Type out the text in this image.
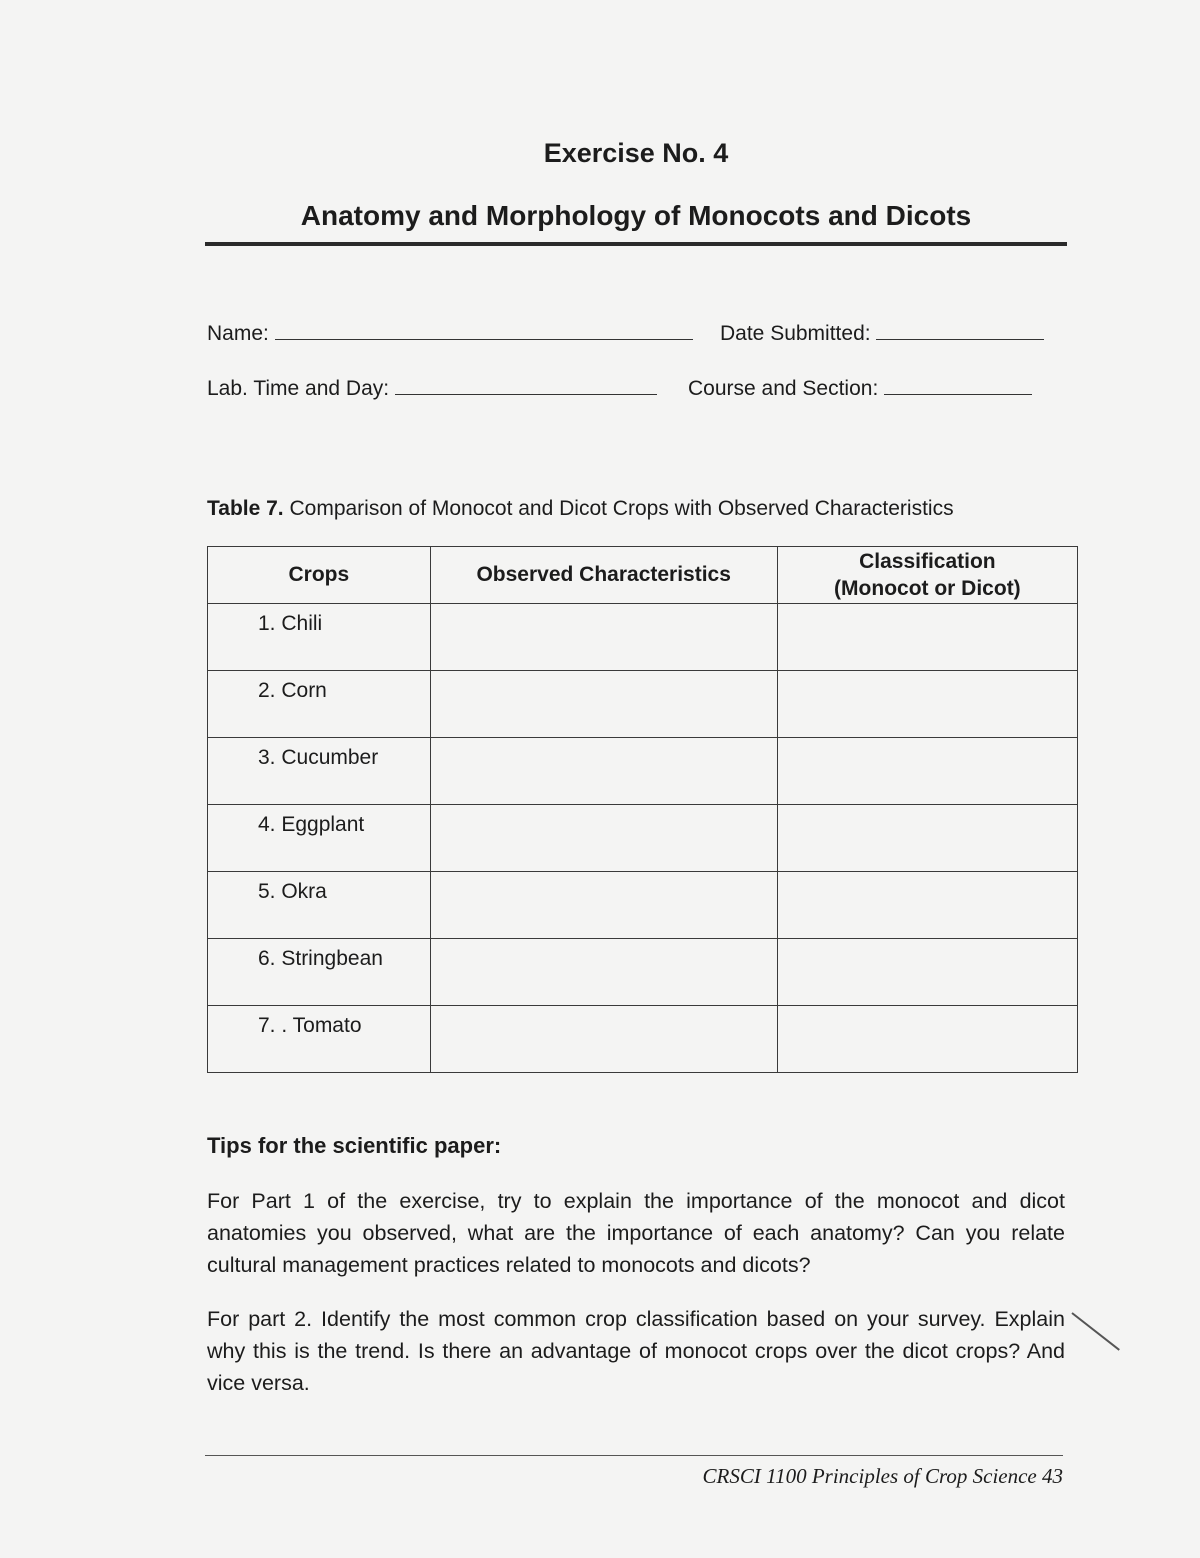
Exercise No. 4
Anatomy and Morphology of Monocots and Dicots
Name:	Date Submitted:
Lab. Time and Day:	Course and Section:
Table 7. Comparison of Monocot and Dicot Crops with Observed Characteristics
Crops	Observed Characteristics	Classification
(Monocot or Dicot)

1. Chili		

2. Corn		

3. Cucumber		

4. Eggplant		

5. Okra		

6. Stringbean		

7. . Tomato		

Tips for the scientific paper:
For Part 1 of the exercise, try to explain the importance of the monocot and dicot anatomies you observed, what are the importance of each anatomy? Can you relate cultural management practices related to monocots and dicots?
For part 2. Identify the most common crop classification based on your survey. Explain why this is the trend. Is there an advantage of monocot crops over the dicot crops? And vice versa.
CRSCI 1100 Principles of Crop Science 43
